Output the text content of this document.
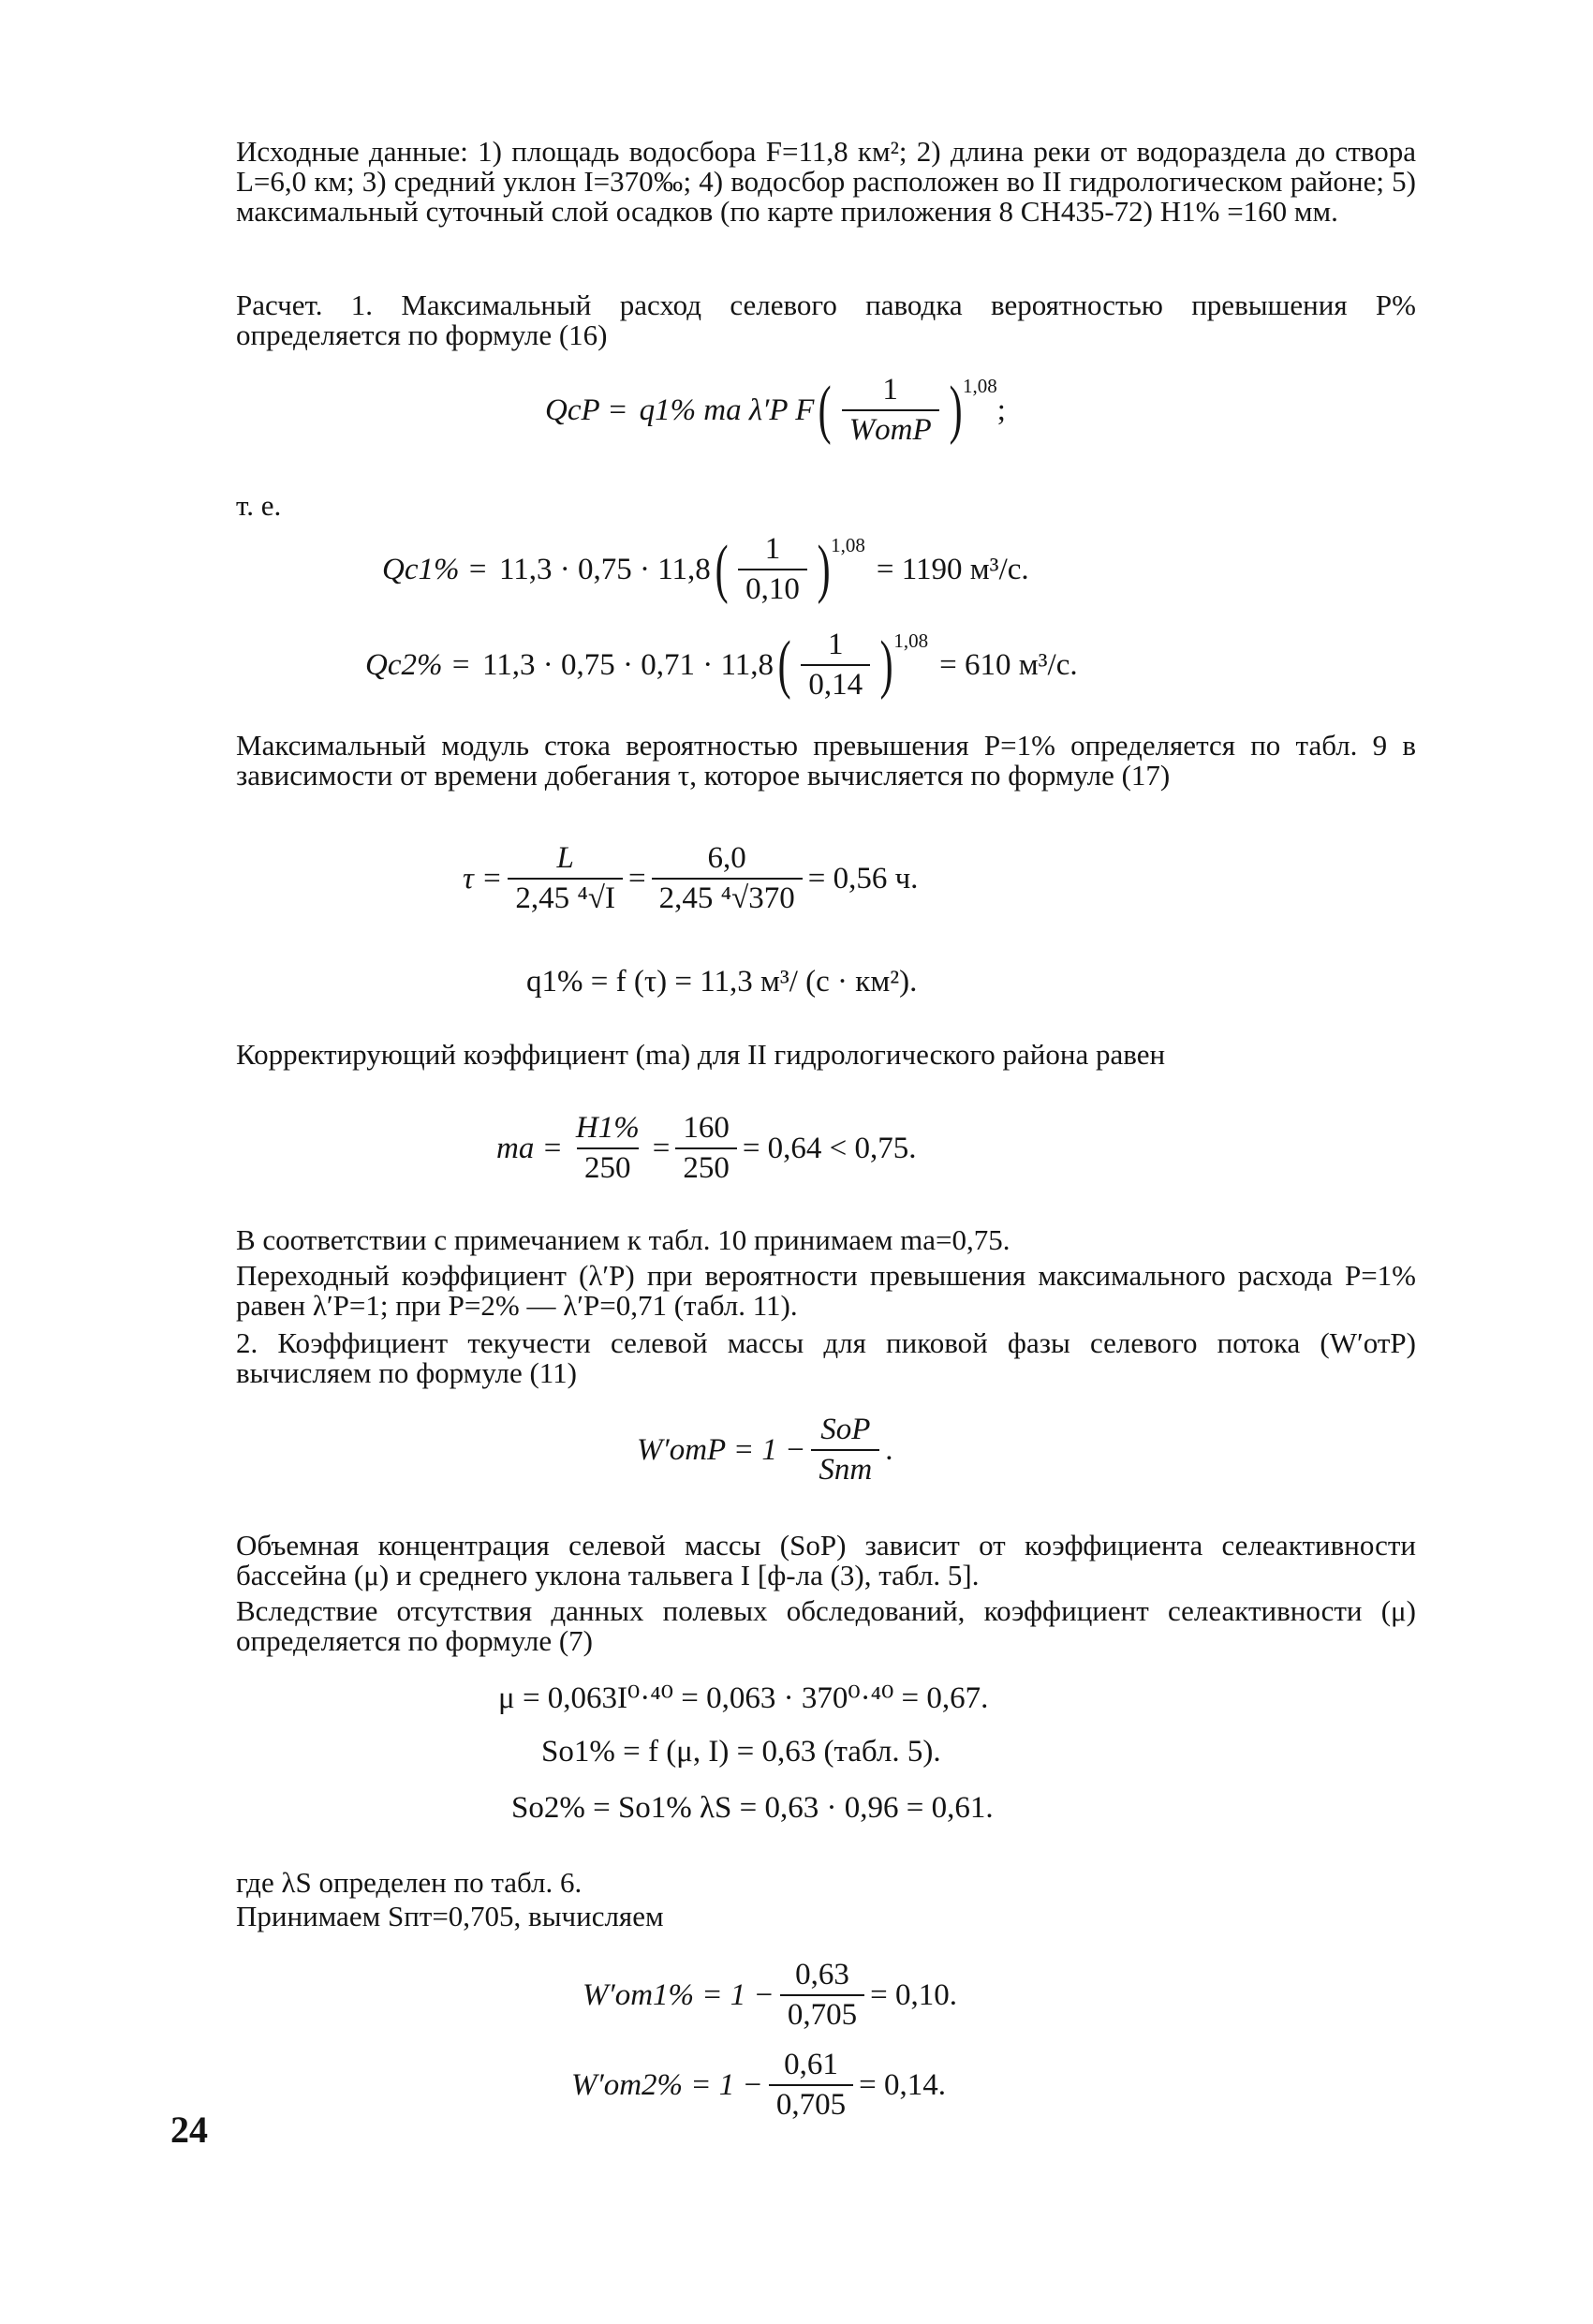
Исходные данные: 1) площадь водосбора F=11,8 км²; 2) длина реки от водораздела до створа L=6,0 км; 3) средний уклон I=370‰; 4) водосбор расположен во II гидрологическом районе; 5) максимальный суточный слой осадков (по карте приложения 8 СН435-72) H1% =160 мм.

Расчет. 1. Максимальный расход селевого паводка вероятностью превышения P% определяется по формуле (16)

QcP = q1% ma λ′P F ( $\frac{1}{\text{WотP}}$ ) 1,08
;

т. е.

Qc1% = 11,3 · 0,75 · 11,8 ( $\frac{1}{0,10}$ ) 1,08
= 1190 м³/с.
Qc2% = 11,3 · 0,75 · 0,71 · 11,8 ( $\frac{1}{0,14}$ ) 1,08
= 610 м³/с.

Максимальный модуль стока вероятностью превышения P=1% определяется по табл. 9 в зависимости от времени добегания τ, которое вычисляется по формуле (17)

$\tau = \frac{L}{\text{2,45 ⁴√I}} = \frac{6,0}{\text{2,45 ⁴√370}} = 0,56$ ч.
q1% = f (τ) = 11,3 м³/ (с · км²).

Корректирующий коэффициент (mа) для II гидрологического района равен

ma = $\frac{H1\%}{250} = \frac{160}{250} = 0,64 < 0,75$.

В соответствии с примечанием к табл. 10 принимаем mа=0,75.

Переходный коэффициент (λ′P) при вероятности превышения максимального расхода P=1% равен λ′P=1; при P=2% — λ′P=0,71 (табл. 11).

2. Коэффициент текучести селевой массы для пиковой фазы селевого потока (W′отP) вычисляем по формуле (11)

$W'отP = 1 - \frac{\text{SоP}}{\text{Sпт}}$ .

Объемная концентрация селевой массы (SоP) зависит от коэффициента селеактивности бассейна (μ) и среднего уклона тальвега I [ф-ла (3), табл. 5].

Вследствие отсутствия данных полевых обследований, коэффициент селеактивности (μ) определяется по формуле (7)

μ = 0,063I⁰·⁴⁰ = 0,063 · 370⁰·⁴⁰ = 0,67.
So1% = f (μ, I) = 0,63 (табл. 5).
So2% = So1% λS = 0,63 · 0,96 = 0,61.

где λS определен по табл. 6.

Принимаем Sпт=0,705, вычисляем

$W'от1\% = 1 - \frac{0,63}{0,705} = 0,10$.
$W'от2\% = 1 - \frac{0,61}{0,705} = 0,14$.
24
